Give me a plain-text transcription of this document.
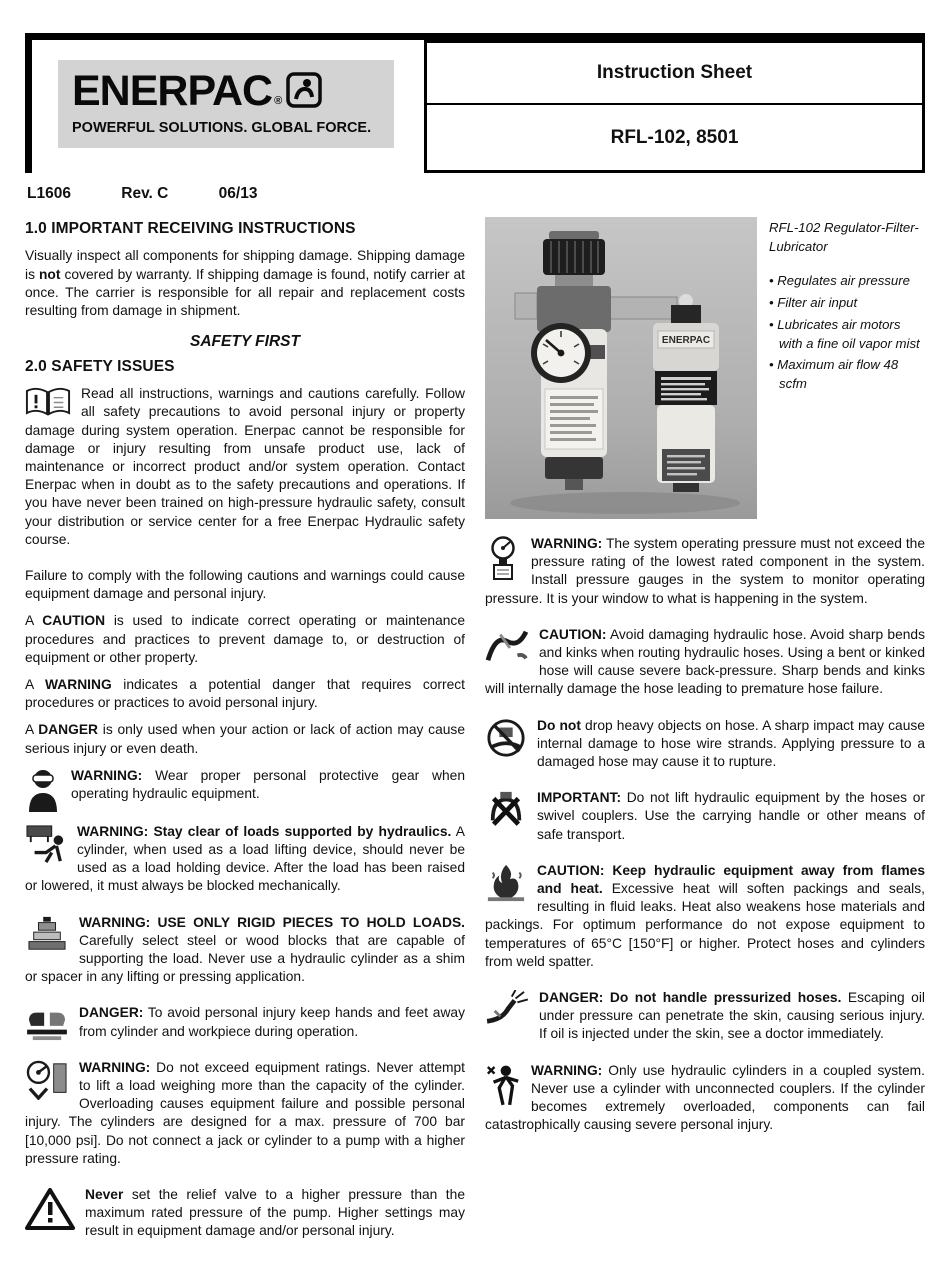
ENERPAC ®
POWERFUL SOLUTIONS. GLOBAL FORCE.
Instruction Sheet
RFL-102, 8501
L1606	Rev. C	06/13
1.0 IMPORTANT RECEIVING INSTRUCTIONS

Visually inspect all components for shipping damage. Shipping damage is not covered by warranty. If shipping damage is found, notify carrier at once. The carrier is responsible for all repair and replacement costs resulting from damage in shipment.

SAFETY FIRST
2.0 SAFETY ISSUES

Read all instructions, warnings and cautions carefully. Follow all safety precautions to avoid personal injury or property damage during system operation. Enerpac cannot be responsible for damage or injury resulting from unsafe product use, lack of maintenance or incorrect product and/or system operation. Contact Enerpac when in doubt as to the safety precautions and operations. If you have never been trained on high-pressure hydraulic safety, consult your distribution or service center for a free Enerpac Hydraulic safety course.

Failure to comply with the following cautions and warnings could cause equipment damage and personal injury.

A CAUTION is used to indicate correct operating or maintenance procedures and practices to prevent damage to, or destruction of equipment or other property.

A WARNING indicates a potential danger that requires correct procedures or practices to avoid personal injury.

A DANGER is only used when your action or lack of action may cause serious injury or even death.

WARNING: Wear proper personal protective gear when operating hydraulic equipment.

WARNING: Stay clear of loads supported by hydraulics. A cylinder, when used as a load lifting device, should never be used as a load holding device. After the load has been raised or lowered, it must always be blocked mechanically.

WARNING: USE ONLY RIGID PIECES TO HOLD LOADS. Carefully select steel or wood blocks that are capable of supporting the load. Never use a hydraulic cylinder as a shim or spacer in any lifting or pressing application.

DANGER: To avoid personal injury keep hands and feet away from cylinder and workpiece during operation.

WARNING: Do not exceed equipment ratings. Never attempt to lift a load weighing more than the capacity of the cylinder. Overloading causes equipment failure and possible personal injury. The cylinders are designed for a max. pressure of 700 bar [10,000 psi]. Do not connect a jack or cylinder to a pump with a higher pressure rating.

Never set the relief valve to a higher pressure than the maximum rated pressure of the pump. Higher settings may result in equipment damage and/or personal injury.

ENERPAC
RFL-102 Regulator-Filter-Lubricator
• Regulates air pressure
• Filter air input
• Lubricates air motors with a fine oil vapor mist
• Maximum air flow 48 scfm

WARNING: The system operating pressure must not exceed the pressure rating of the lowest rated component in the system. Install pressure gauges in the system to monitor operating pressure. It is your window to what is happening in the system.

CAUTION: Avoid damaging hydraulic hose. Avoid sharp bends and kinks when routing hydraulic hoses. Using a bent or kinked hose will cause severe back-pressure. Sharp bends and kinks will internally damage the hose leading to premature hose failure.

Do not drop heavy objects on hose. A sharp impact may cause internal damage to hose wire strands. Applying pressure to a damaged hose may cause it to rupture.

IMPORTANT: Do not lift hydraulic equipment by the hoses or swivel couplers. Use the carrying handle or other means of safe transport.

CAUTION: Keep hydraulic equipment away from flames and heat. Excessive heat will soften packings and seals, resulting in fluid leaks. Heat also weakens hose materials and packings. For optimum performance do not expose equipment to temperatures of 65°C [150°F] or higher. Protect hoses and cylinders from weld spatter.

DANGER: Do not handle pressurized hoses. Escaping oil under pressure can penetrate the skin, causing serious injury. If oil is injected under the skin, see a doctor immediately.

WARNING: Only use hydraulic cylinders in a coupled system. Never use a cylinder with unconnected couplers. If the cylinder becomes extremely overloaded, components can fail catastrophically causing severe personal injury.
